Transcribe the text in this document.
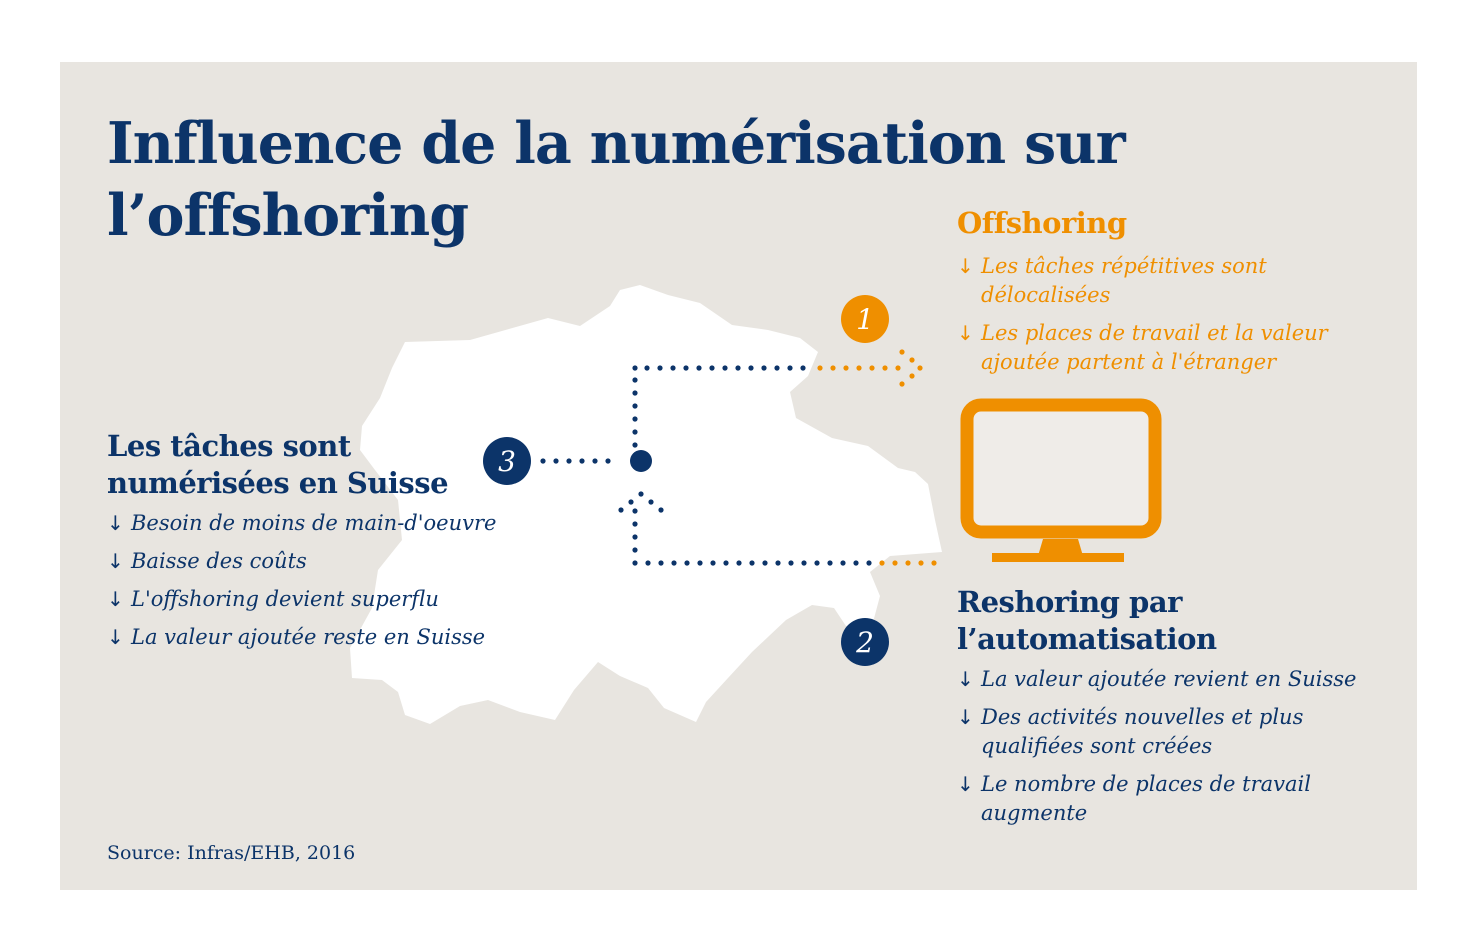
1
3
2
Influence de la numérisation sur l’offshoring	Offshoring
↓ Les tâches répétitives sont délocalisées
↓ Les places de travail et la valeur ajoutée partent à l'étranger
Les tâches sont numérisées en Suisse
↓ Besoin de moins de main-d'oeuvre
↓ Baisse des coûts
↓ L'offshoring devient superflu
↓ La valeur ajoutée reste en Suisse
Reshoring par l’automatisation
↓ La valeur ajoutée revient en Suisse
↓ Des activités nouvelles et plus qualifiées sont créées
↓ Le nombre de places de travail augmente
Source: Infras/EHB, 2016
